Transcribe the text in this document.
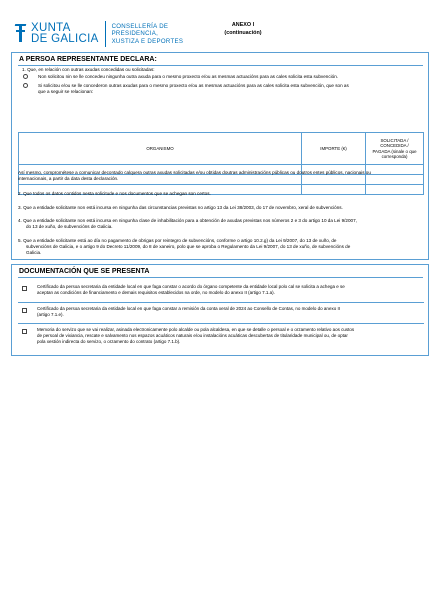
XUNTA
DE GALICIA
CONSELLERÍA DE
PRESIDENCIA,
XUSTIZA E DEPORTES
ANEXO I
(continuación)
A PERSOA REPRESENTANTE DECLARA:
1. Que, en relación con outras axudas concedidas ou solicitadas:
Non solicitou nin se lle concedeu ningunha outra axuda para o mesmo proxecto e/ou as mesmas actuacións para as cales solicita esta subvención.
Si solicitou e/ou se lle concederon outras axudas para o mesmo proxecto e/ou as mesmas actuacións para as cales solicita esta subvención, que son as
que a seguir se relacionan:
ORGANISMO	IMPORTE (€)	SOLICITADA /
CONCEDIDA /
PAGADA (sinale o que
corresponda)

Así mesmo, comprométese a comunicar decontado calquera outras axudas solicitadas e/ou obtidas doutras administracións públicas ou doutros entes públicos, nacionais ou
internacionais, a partir da data desta declaración.
2. Que todos os datos contidos nesta solicitude e nos documentos que se achegan son certos.
3. Que a entidade solicitante non está incursa en ningunha das circunstancias previstas no artigo 13 da Lei 38/2003, do 17 de novembro, xeral de subvencións.
4. Que a entidade solicitante non está incursa en ningunha clase de inhabilitación para a obtención de axudas previstas nos números 2 e 3 do artigo 10 da Lei 9/2007,
do 13 de xuño, de subvencións de Galicia.
5. Que a entidade solicitante está ao día no pagamento de obrigas por reintegro de subvencións, conforme o artigo 10.2.g) da Lei 9/2007, do 13 de xuño, de
subvencións de Galicia, e o artigo 9 do Decreto 11/2009, do 8 de xaneiro, polo que se aproba o Regulamento da Lei 9/2007, do 13 de xuño, de subvencións de
Galicia.
DOCUMENTACIÓN QUE SE PRESENTA
Certificado da persoa secretaria da entidade local en que faga constar o acordo do órgano competente da entidade local polo cal se solicita a achega e se
aceptan as condicións de financiamento e demais requisitos establecidos na orde, no modelo do anexo II (artigo 7.1.a).
Certificado da persoa secretaria da entidade local en que faga constar a remisión da conta xeral de 2024 ao Consello de Contas, no modelo do anexo II
(artigo 7.1.e).
Memoria do servizo que se vai realizar, asinada electronicamente polo alcalde ou pola alcaldesa, en que se detalle o persoal e o orzamento relativo aos custos
de persoal de vixiancia, rescate e salvamento nos espazos acuáticos naturais e/ou instalacións acuáticas descubertas de titularidade municipal ou, de optar
pola xestión indirecta do servizo, o orzamento do contrato (artigo 7.1.b).
